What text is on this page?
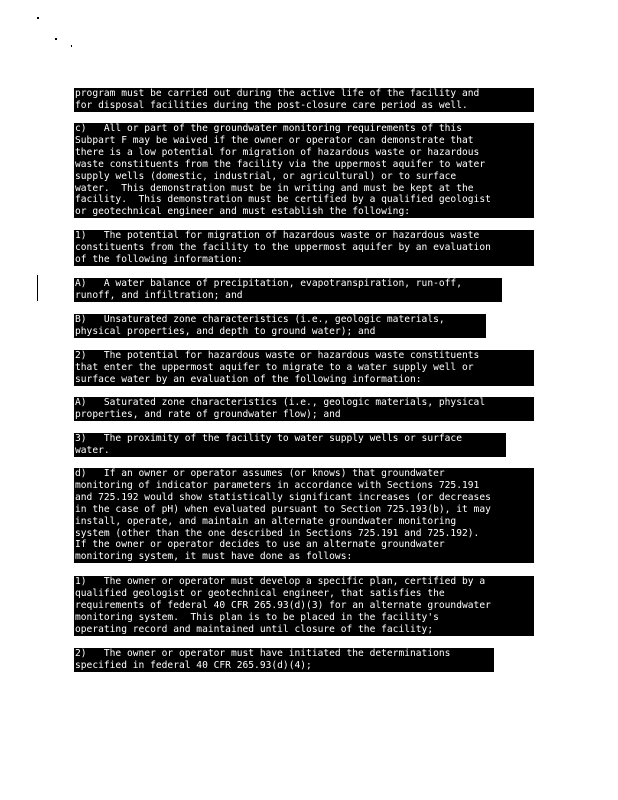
program must be carried out during the active life of the facility and
for disposal facilities during the post-closure care period as well.
c)   All or part of the groundwater monitoring requirements of this
Subpart F may be waived if the owner or operator can demonstrate that
there is a low potential for migration of hazardous waste or hazardous
waste constituents from the facility via the uppermost aquifer to water
supply wells (domestic, industrial, or agricultural) or to surface
water.  This demonstration must be in writing and must be kept at the
facility.  This demonstration must be certified by a qualified geologist
or geotechnical engineer and must establish the following:
1)   The potential for migration of hazardous waste or hazardous waste
constituents from the facility to the uppermost aquifer by an evaluation
of the following information:
A)   A water balance of precipitation, evapotranspiration, run-off,
runoff, and infiltration; and
B)   Unsaturated zone characteristics (i.e., geologic materials,
physical properties, and depth to ground water); and
2)   The potential for hazardous waste or hazardous waste constituents
that enter the uppermost aquifer to migrate to a water supply well or
surface water by an evaluation of the following information:
A)   Saturated zone characteristics (i.e., geologic materials, physical
properties, and rate of groundwater flow); and
3)   The proximity of the facility to water supply wells or surface
water.
d)   If an owner or operator assumes (or knows) that groundwater
monitoring of indicator parameters in accordance with Sections 725.191
and 725.192 would show statistically significant increases (or decreases
in the case of pH) when evaluated pursuant to Section 725.193(b), it may
install, operate, and maintain an alternate groundwater monitoring
system (other than the one described in Sections 725.191 and 725.192).
If the owner or operator decides to use an alternate groundwater
monitoring system, it must have done as follows:
1)   The owner or operator must develop a specific plan, certified by a
qualified geologist or geotechnical engineer, that satisfies the
requirements of federal 40 CFR 265.93(d)(3) for an alternate groundwater
monitoring system.  This plan is to be placed in the facility's
operating record and maintained until closure of the facility;
2)   The owner or operator must have initiated the determinations
specified in federal 40 CFR 265.93(d)(4);
